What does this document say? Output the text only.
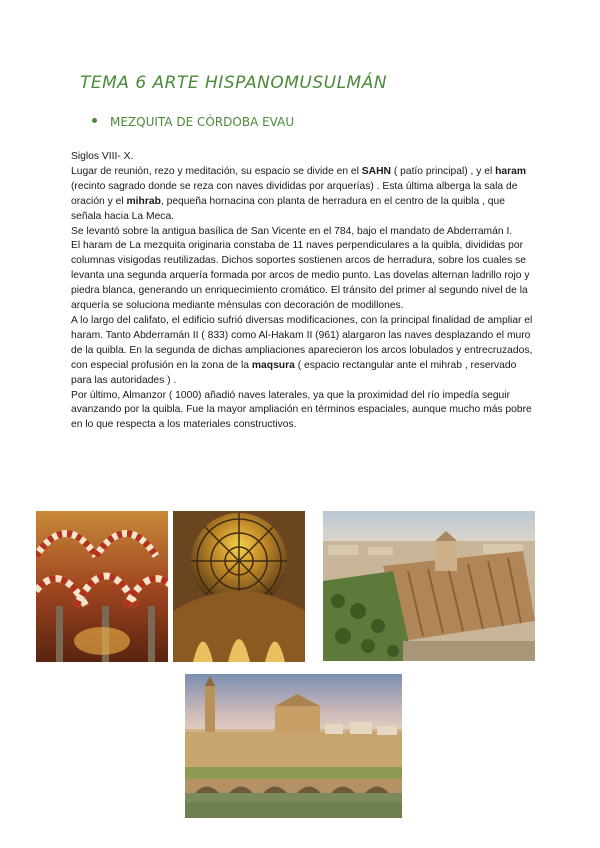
TEMA 6 ARTE HISPANOMUSULMÁN
MEZQUITA DE CÓRDOBA EVAU

Siglos VIII- X.

Lugar de reunión, rezo y meditación, su espacio se divide en el SAHN ( patío principal) , y el haram (recinto sagrado donde se reza con naves divididas por arquerías) . Esta última alberga la sala de oración y el mihrab, pequeña hornacina con planta de herradura en el centro de la quibla , que señala hacia La Meca.

Se levantó sobre la antigua basílica de San Vicente en el 784, bajo el mandato de Abderramán I.

El haram de La mezquita originaria constaba de 11 naves perpendiculares a la quibla, divididas por columnas visigodas reutilizadas. Dichos soportes sostienen arcos de herradura, sobre los cuales se levanta una segunda arquería formada por arcos de medio punto. Las dovelas alternan ladrillo rojo y piedra blanca, generando un enriquecimiento cromático. El tránsito del primer al segundo nivel de la arquería se soluciona mediante ménsulas con decoración de modillones.

A lo largo del califato, el edificio sufrió diversas modificaciones, con la principal finalidad de ampliar el haram. Tanto Abderramán II ( 833) como Al-Hakam II (961) alargaron las naves desplazando el muro de la quibla. En la segunda de dichas ampliaciones aparecieron los arcos lobulados y entrecruzados, con especial profusión en la zona de la maqsura ( espacio rectangular ante el mihrab , reservado para las autoridades ) .

Por último, Almanzor ( 1000) añadió naves laterales, ya que la proximidad del río impedía seguir avanzando por la quibla. Fue la mayor ampliación en términos espaciales, aunque mucho más pobre en lo que respecta a los materiales constructivos.
